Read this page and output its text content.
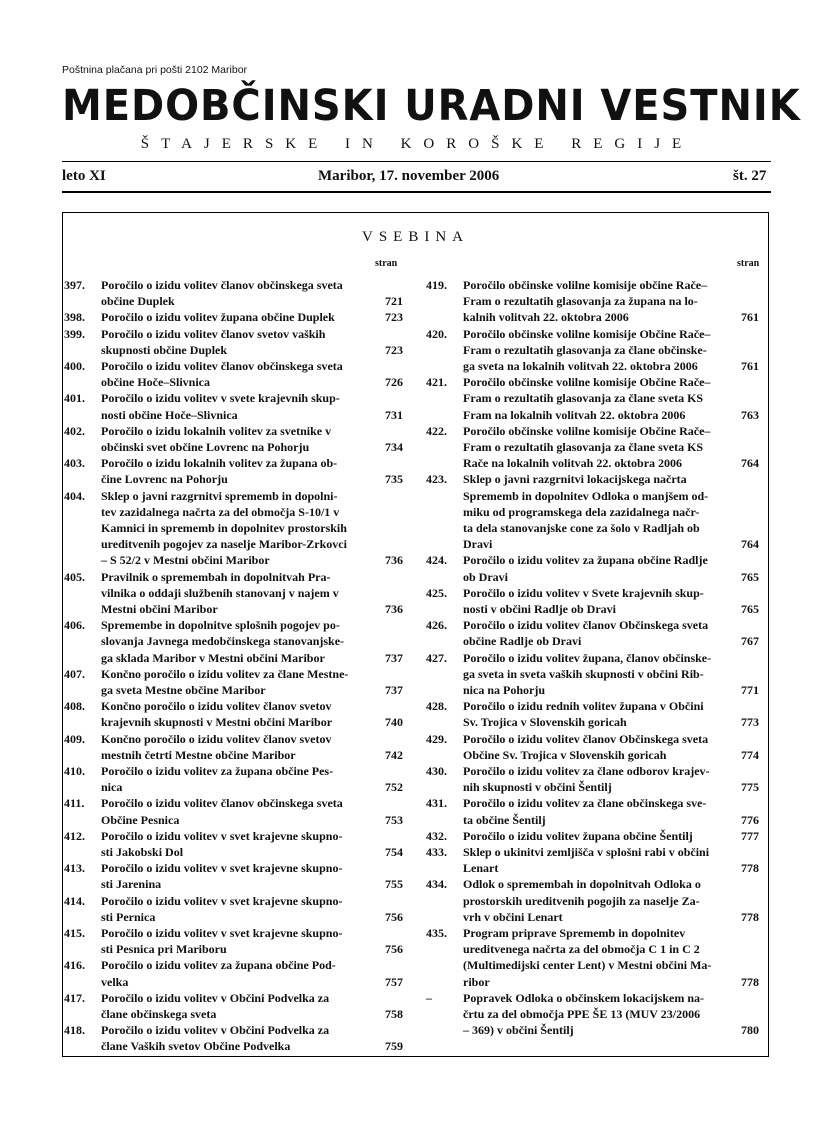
Poštnina plačana pri pošti 2102 Maribor
MEDOBČINSKI URADNI VESTNIK
ŠTAJERSKE IN KOROŠKE REGIJE
leto XI	Maribor, 17. november 2006	št. 27
VSEBINA
stran	stran
397. Poročilo o izidu volitev članov občinskega sveta
občine Duplek	721
398. Poročilo o izidu volitev župana občine Duplek	723
399. Poročilo o izidu volitev članov svetov vaških
skupnosti občine Duplek	723
400. Poročilo o izidu volitev članov občinskega sveta
občine Hoče–Slivnica	726
401. Poročilo o izidu volitev v svete krajevnih skup-
nosti občine Hoče–Slivnica	731
402. Poročilo o izidu lokalnih volitev za svetnike v
občinski svet občine Lovrenc na Pohorju	734
403. Poročilo o izidu lokalnih volitev za župana ob-
čine Lovrenc na Pohorju	735
404. Sklep o javni razgrnitvi sprememb in dopolni-
tev zazidalnega načrta za del območja S-10/1 v
Kamnici in sprememb in dopolnitev prostorskih
ureditvenih pogojev za naselje Maribor-Zrkovci
– S 52/2 v Mestni občini Maribor	736
405. Pravilnik o spremembah in dopolnitvah Pra-
vilnika o oddaji službenih stanovanj v najem v
Mestni občini Maribor	736
406. Spremembe in dopolnitve splošnih pogojev po-
slovanja Javnega medobčinskega stanovanjske-
ga sklada Maribor v Mestni občini Maribor	737
407. Končno poročilo o izidu volitev za člane Mestne-
ga sveta Mestne občine Maribor	737
408. Končno poročilo o izidu volitev članov svetov
krajevnih skupnosti v Mestni občini Maribor	740
409. Končno poročilo o izidu volitev članov svetov
mestnih četrti Mestne občine Maribor	742
410. Poročilo o izidu volitev za župana občine Pes-
nica	752
411. Poročilo o izidu volitev članov občinskega sveta
Občine Pesnica	753
412. Poročilo o izidu volitev v svet krajevne skupno-
sti Jakobski Dol	754
413. Poročilo o izidu volitev v svet krajevne skupno-
sti Jarenina	755
414. Poročilo o izidu volitev v svet krajevne skupno-
sti Pernica	756
415. Poročilo o izidu volitev v svet krajevne skupno-
sti Pesnica pri Mariboru	756
416. Poročilo o izidu volitev za župana občine Pod-
velka	757
417. Poročilo o izidu volitev v Občini Podvelka za
člane občinskega sveta	758
418. Poročilo o izidu volitev v Občini Podvelka za
člane Vaških svetov Občine Podvelka	759
419. Poročilo občinske volilne komisije občine Rače–
Fram o rezultatih glasovanja za župana na lo-
kalnih volitvah 22. oktobra 2006	761
420. Poročilo občinske volilne komisije Občine Rače–
Fram o rezultatih glasovanja za člane občinske-
ga sveta na lokalnih volitvah 22. oktobra 2006	761
421. Poročilo občinske volilne komisije Občine Rače–
Fram o rezultatih glasovanja za člane sveta KS
Fram na lokalnih volitvah 22. oktobra 2006	763
422. Poročilo občinske volilne komisije Občine Rače–
Fram o rezultatih glasovanja za člane sveta KS
Rače na lokalnih volitvah 22. oktobra 2006	764
423. Sklep o javni razgrnitvi lokacijskega načrta
Sprememb in dopolnitev Odloka o manjšem od-
miku od programskega dela zazidalnega načr-
ta dela stanovanjske cone za šolo v Radljah ob
Dravi	764
424. Poročilo o izidu volitev za župana občine Radlje
ob Dravi	765
425. Poročilo o izidu volitev v Svete krajevnih skup-
nosti v občini Radlje ob Dravi	765
426. Poročilo o izidu volitev članov Občinskega sveta
občine Radlje ob Dravi	767
427. Poročilo o izidu volitev župana, članov občinske-
ga sveta in sveta vaških skupnosti v občini Rib-
nica na Pohorju	771
428. Poročilo o izidu rednih volitev župana v Občini
Sv. Trojica v Slovenskih goricah	773
429. Poročilo o izidu volitev članov Občinskega sveta
Občine Sv. Trojica v Slovenskih goricah	774
430. Poročilo o izidu volitev za člane odborov krajev-
nih skupnosti v občini Šentilj	775
431. Poročilo o izidu volitev za člane občinskega sve-
ta občine Šentilj	776
432. Poročilo o izidu volitev župana občine Šentilj	777
433. Sklep o ukinitvi zemljišča v splošni rabi v občini
Lenart	778
434. Odlok o spremembah in dopolnitvah Odloka o
prostorskih ureditvenih pogojih za naselje Za-
vrh v občini Lenart	778
435. Program priprave Sprememb in dopolnitev
ureditvenega načrta za del območja C 1 in C 2
(Multimedijski center Lent) v Mestni občini Ma-
ribor	778
–	Popravek Odloka o občinskem lokacijskem na-
črtu za del območja PPE ŠE 13 (MUV 23/2006
– 369) v občini Šentilj	780
